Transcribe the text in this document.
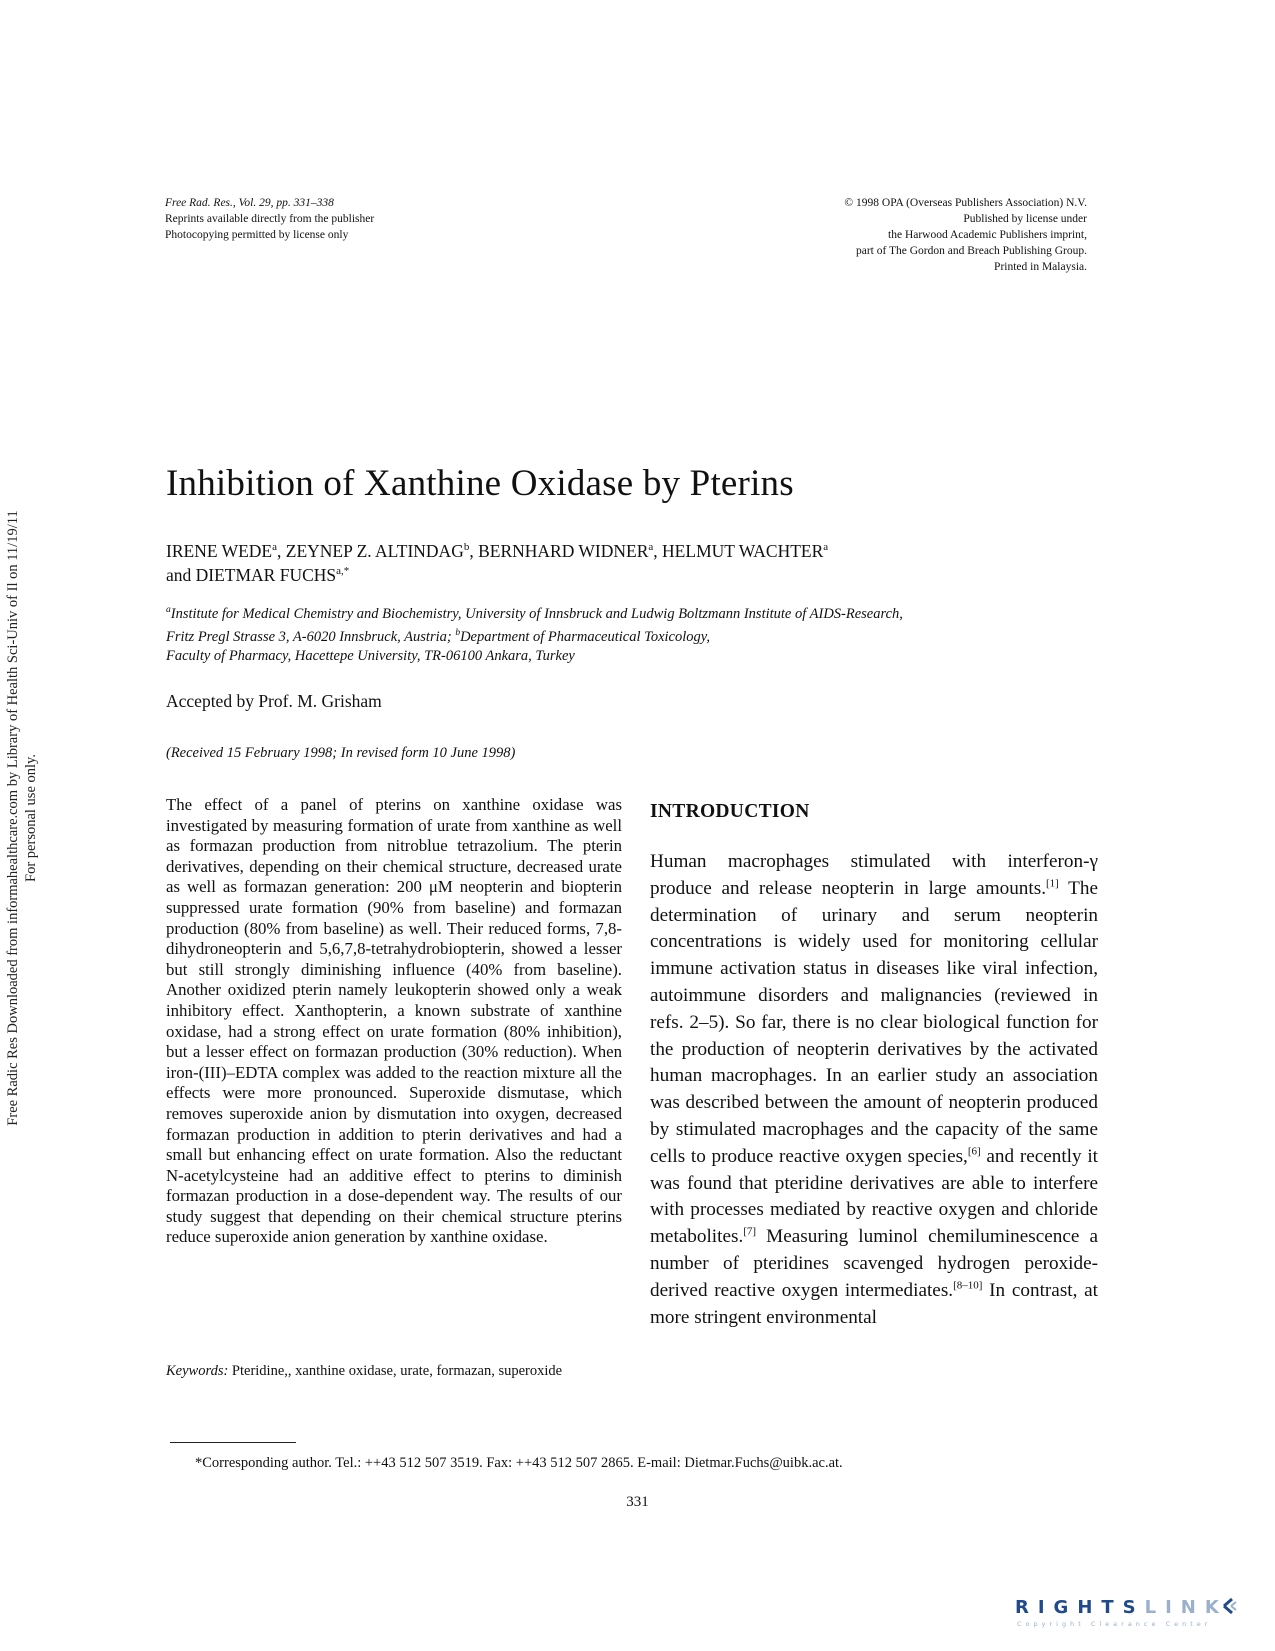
Free Rad. Res., Vol. 29, pp. 331–338
Reprints available directly from the publisher
Photocopying permitted by license only
© 1998 OPA (Overseas Publishers Association) N.V.
Published by license under
the Harwood Academic Publishers imprint,
part of The Gordon and Breach Publishing Group.
Printed in Malaysia.
Free Radic Res Downloaded from informahealthcare.com by Library of Health Sci-Univ of Il on 11/19/11 For personal use only.
Inhibition of Xanthine Oxidase by Pterins
IRENE WEDE$^a$, ZEYNEP Z. ALTINDAG$^b$, BERNHARD WIDNER$^a$, HELMUT WACHTER$^a$
and DIETMAR $FUCHS^{a,*}$
$^a$Institute for Medical Chemistry and Biochemistry, University of Innsbruck and Ludwig Boltzmann Institute of AIDS-Research,
Fritz Pregl Strasse 3, A-6020 Innsbruck, Austria; $^b$Department of Pharmaceutical Toxicology,
Faculty of Pharmacy, Hacettepe University, TR-06100 Ankara, Turkey
Accepted by Prof. M. Grisham
(Received 15 February 1998; In revised form 10 June 1998)

The effect of a panel of pterins on xanthine oxidase was investigated by measuring formation of urate from xanthine as well as formazan production from nitroblue tetrazolium. The pterin derivatives, depending on their chemical structure, decreased urate as well as formazan generation: 200 μM neopterin and biopterin suppressed urate formation (90% from baseline) and formazan production (80% from baseline) as well. Their reduced forms, 7,8-dihydroneopterin and 5,6,7,8-tetrahydrobiopterin, showed a lesser but still strongly diminishing influence (40% from baseline). Another oxidized pterin namely leukopterin showed only a weak inhibitory effect. Xanthopterin, a known substrate of xanthine oxidase, had a strong effect on urate formation (80% inhibition), but a lesser effect on formazan production (30% reduction). When iron-(III)–EDTA complex was added to the reaction mixture all the effects were more pronounced. Superoxide dismutase, which removes superoxide anion by dismutation into oxygen, decreased formazan production in addition to pterin derivatives and had a small but enhancing effect on urate formation. Also the reductant N-acetylcysteine had an additive effect to pterins to diminish formazan production in a dose-dependent way. The results of our study suggest that depending on their chemical structure pterins reduce superoxide anion generation by xanthine oxidase.

Keywords: Pteridine,, xanthine oxidase, urate, formazan, superoxide
INTRODUCTION

Human macrophages stimulated with interferon-γ produce and release neopterin in large amounts.[1] The determination of urinary and serum neopterin concentrations is widely used for monitoring cellular immune activation status in diseases like viral infection, autoimmune disorders and malignancies (reviewed in refs. 2–5). So far, there is no clear biological function for the production of neopterin derivatives by the activated human macrophages. In an earlier study an association was described between the amount of neopterin produced by stimulated macrophages and the capacity of the same cells to produce reactive oxygen species,[6] and recently it was found that pteridine derivatives are able to interfere with processes mediated by reactive oxygen and chloride metabolites.[7] Measuring luminol chemiluminescence a number of pteridines scavenged hydrogen peroxide-derived reactive oxygen intermediates.[8–10] In contrast, at more stringent environmental

*Corresponding author. Tel.: ++43 512 507 3519. Fax: ++43 512 507 2865. E-mail: Dietmar.Fuchs@uibk.ac.at.
331
RIGHTSLINK
Copyright Clearance Center
